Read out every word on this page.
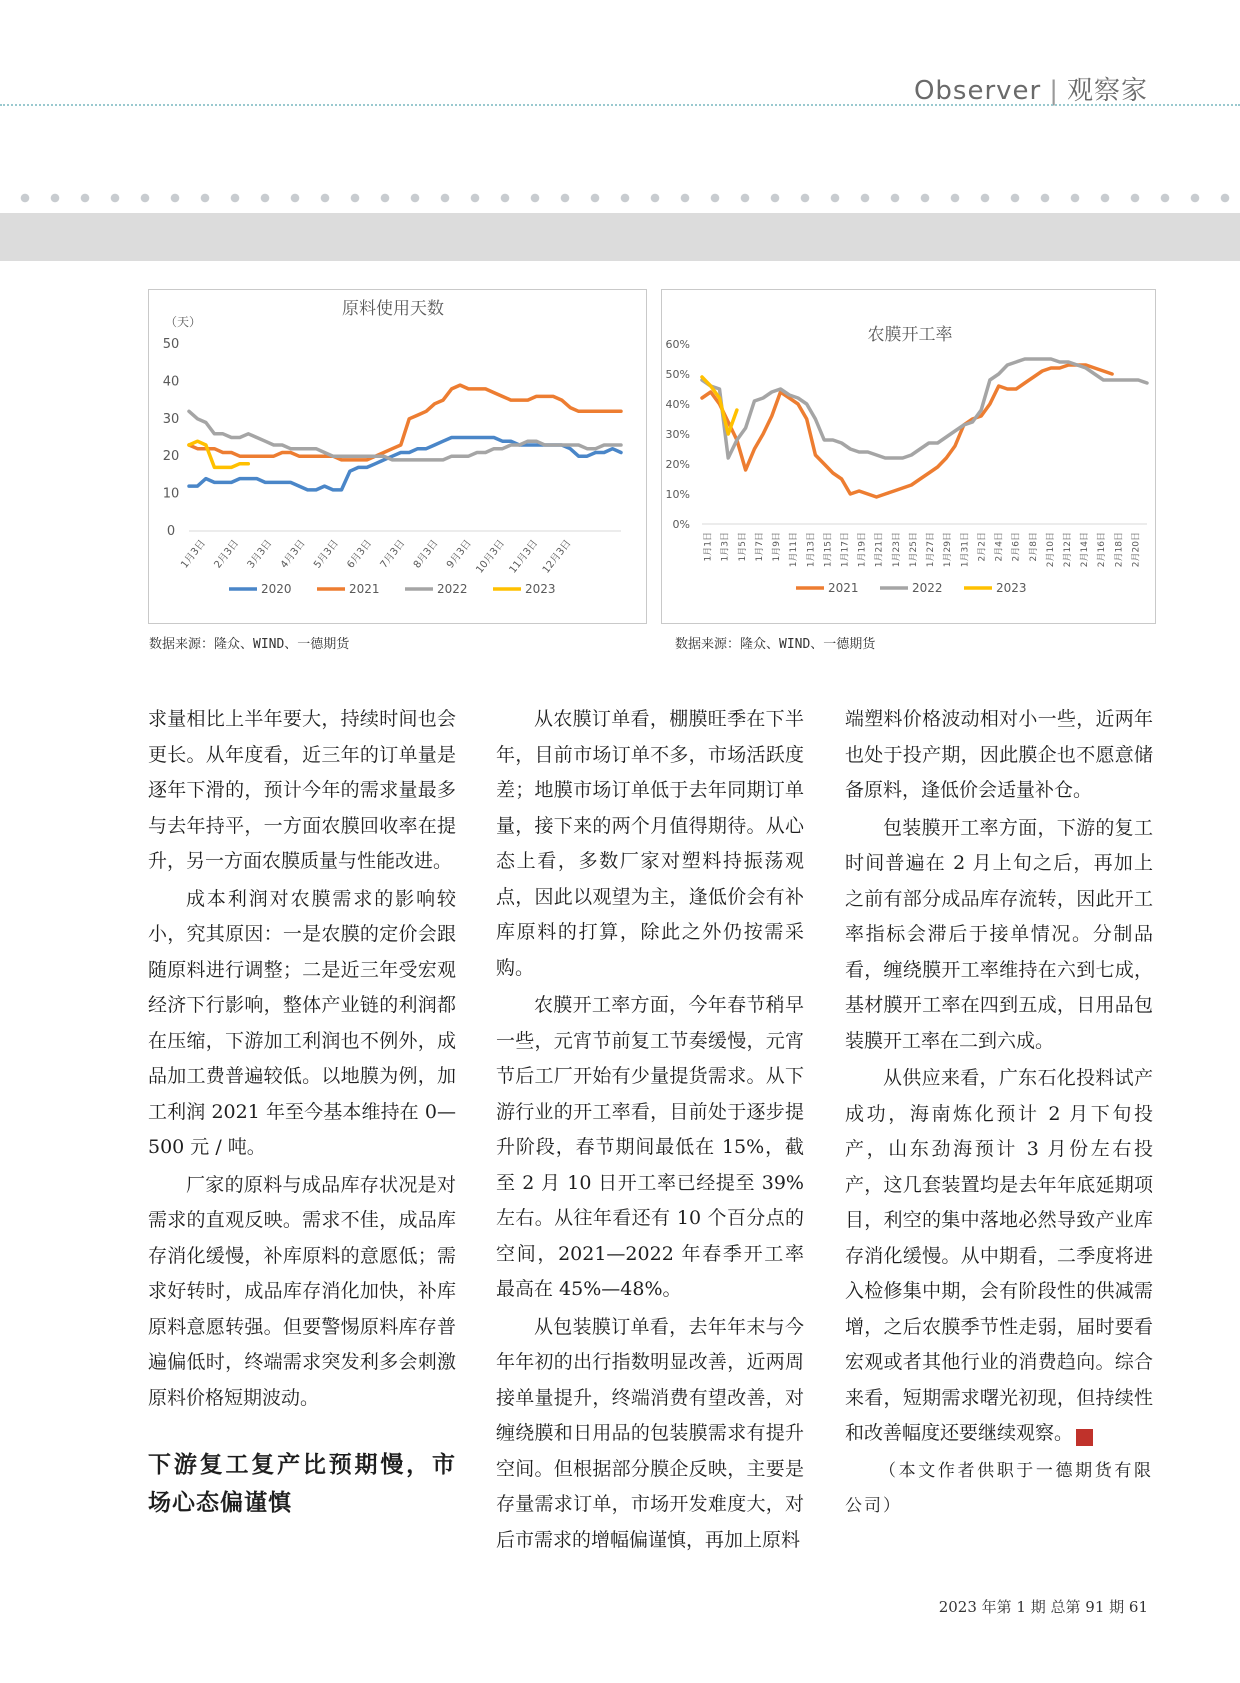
Observer | 观察家
原料使用天数
（天）
0
10
20
30
40
50
1月3日 2月3日 3月3日 4月3日 5月3日 6月3日 7月3日 8月3日 9月3日 10月3日 11月3日 12月3日
2020	2021	2022	2023
数据来源：隆众、WIND、一德期货
农膜开工率
0%
10%
20%
30%
40%
50%
60%
1月1日 1月3日 1月5日 1月7日 1月9日 1月11日 1月13日 1月15日 1月17日 1月19日 1月21日 1月23日 1月25日 1月27日 1月29日 1月31日 2月2日 2月4日 2月6日 2月8日 2月10日 2月12日 2月14日 2月16日 2月18日 2月20日
2021	2022	2023
数据来源：隆众、WIND、一德期货

求量相比上半年要大，持续时间也会更长。从年度看，近三年的订单量是逐年下滑的，预计今年的需求量最多与去年持平，一方面农膜回收率在提升，另一方面农膜质量与性能改进。

成本利润对农膜需求的影响较小，究其原因：一是农膜的定价会跟随原料进行调整；二是近三年受宏观经济下行影响，整体产业链的利润都在压缩，下游加工利润也不例外，成品加工费普遍较低。以地膜为例，加工利润 2021 年至今基本维持在 0—500 元 / 吨。

厂家的原料与成品库存状况是对需求的直观反映。需求不佳，成品库存消化缓慢，补库原料的意愿低；需求好转时，成品库存消化加快，补库原料意愿转强。但要警惕原料库存普遍偏低时，终端需求突发利多会刺激原料价格短期波动。

下游复工复产比预期慢，市场心态偏谨慎

从农膜订单看，棚膜旺季在下半年，目前市场订单不多，市场活跃度差；地膜市场订单低于去年同期订单量，接下来的两个月值得期待。从心态上看，多数厂家对塑料持振荡观点，因此以观望为主，逢低价会有补库原料的打算，除此之外仍按需采购。

农膜开工率方面，今年春节稍早一些，元宵节前复工节奏缓慢，元宵节后工厂开始有少量提货需求。从下游行业的开工率看，目前处于逐步提升阶段，春节期间最低在 15%，截至 2 月 10 日开工率已经提至 39% 左右。从往年看还有 10 个百分点的空间，2021—2022 年春季开工率最高在 45%—48%。

从包装膜订单看，去年年末与今年年初的出行指数明显改善，近两周接单量提升，终端消费有望改善，对缠绕膜和日用品的包装膜需求有提升空间。但根据部分膜企反映，主要是存量需求订单，市场开发难度大，对后市需求的增幅偏谨慎，再加上原料

端塑料价格波动相对小一些，近两年也处于投产期，因此膜企也不愿意储备原料，逢低价会适量补仓。

包装膜开工率方面，下游的复工时间普遍在 2 月上旬之后，再加上之前有部分成品库存流转，因此开工率指标会滞后于接单情况。分制品看，缠绕膜开工率维持在六到七成，基材膜开工率在四到五成，日用品包装膜开工率在二到六成。

从供应来看，广东石化投料试产成功，海南炼化预计 2 月下旬投产，山东劲海预计 3 月份左右投产，这几套装置均是去年年底延期项目，利空的集中落地必然导致产业库存消化缓慢。从中期看，二季度将进入检修集中期，会有阶段性的供减需增，之后农膜季节性走弱，届时要看宏观或者其他行业的消费趋向。综合来看，短期需求曙光初现，但持续性和改善幅度还要继续观察。	田

（本文作者供职于一德期货有限公司）

2023 年第 1 期 总第 91 期 61
